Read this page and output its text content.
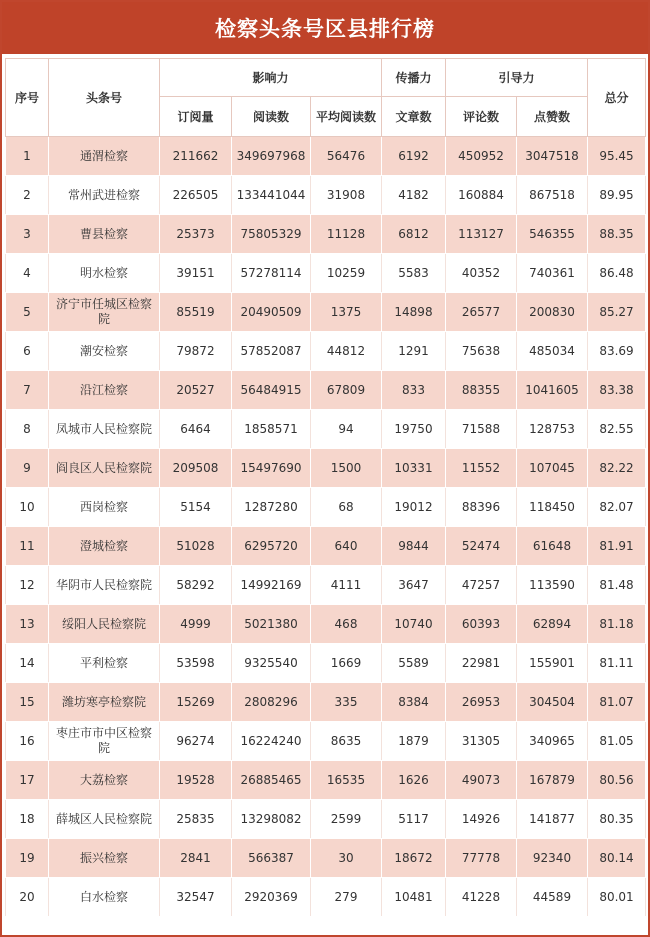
检察头条号区县排行榜
序号	头条号	影响力			传播力	引导力		总分
		订阅量	阅读数	平均阅读数	文章数	评论数	点赞数	
1	通渭检察	211662	349697968	56476	6192	450952	3047518	95.45
2	常州武进检察	226505	133441044	31908	4182	160884	867518	89.95
3	曹县检察	25373	75805329	11128	6812	113127	546355	88.35
4	明水检察	39151	57278114	10259	5583	40352	740361	86.48
5	济宁市任城区检察院	85519	20490509	1375	14898	26577	200830	85.27
6	潮安检察	79872	57852087	44812	1291	75638	485034	83.69
7	沿江检察	20527	56484915	67809	833	88355	1041605	83.38
8	凤城市人民检察院	6464	1858571	94	19750	71588	128753	82.55
9	阎良区人民检察院	209508	15497690	1500	10331	11552	107045	82.22
10	西岗检察	5154	1287280	68	19012	88396	118450	82.07
11	澄城检察	51028	6295720	640	9844	52474	61648	81.91
12	华阴市人民检察院	58292	14992169	4111	3647	47257	113590	81.48
13	绥阳人民检察院	4999	5021380	468	10740	60393	62894	81.18
14	平利检察	53598	9325540	1669	5589	22981	155901	81.11
15	潍坊寒亭检察院	15269	2808296	335	8384	26953	304504	81.07
16	枣庄市市中区检察院	96274	16224240	8635	1879	31305	340965	81.05
17	大荔检察	19528	26885465	16535	1626	49073	167879	80.56
18	薛城区人民检察院	25835	13298082	2599	5117	14926	141877	80.35
19	振兴检察	2841	566387	30	18672	77778	92340	80.14
20	白水检察	32547	2920369	279	10481	41228	44589	80.01
